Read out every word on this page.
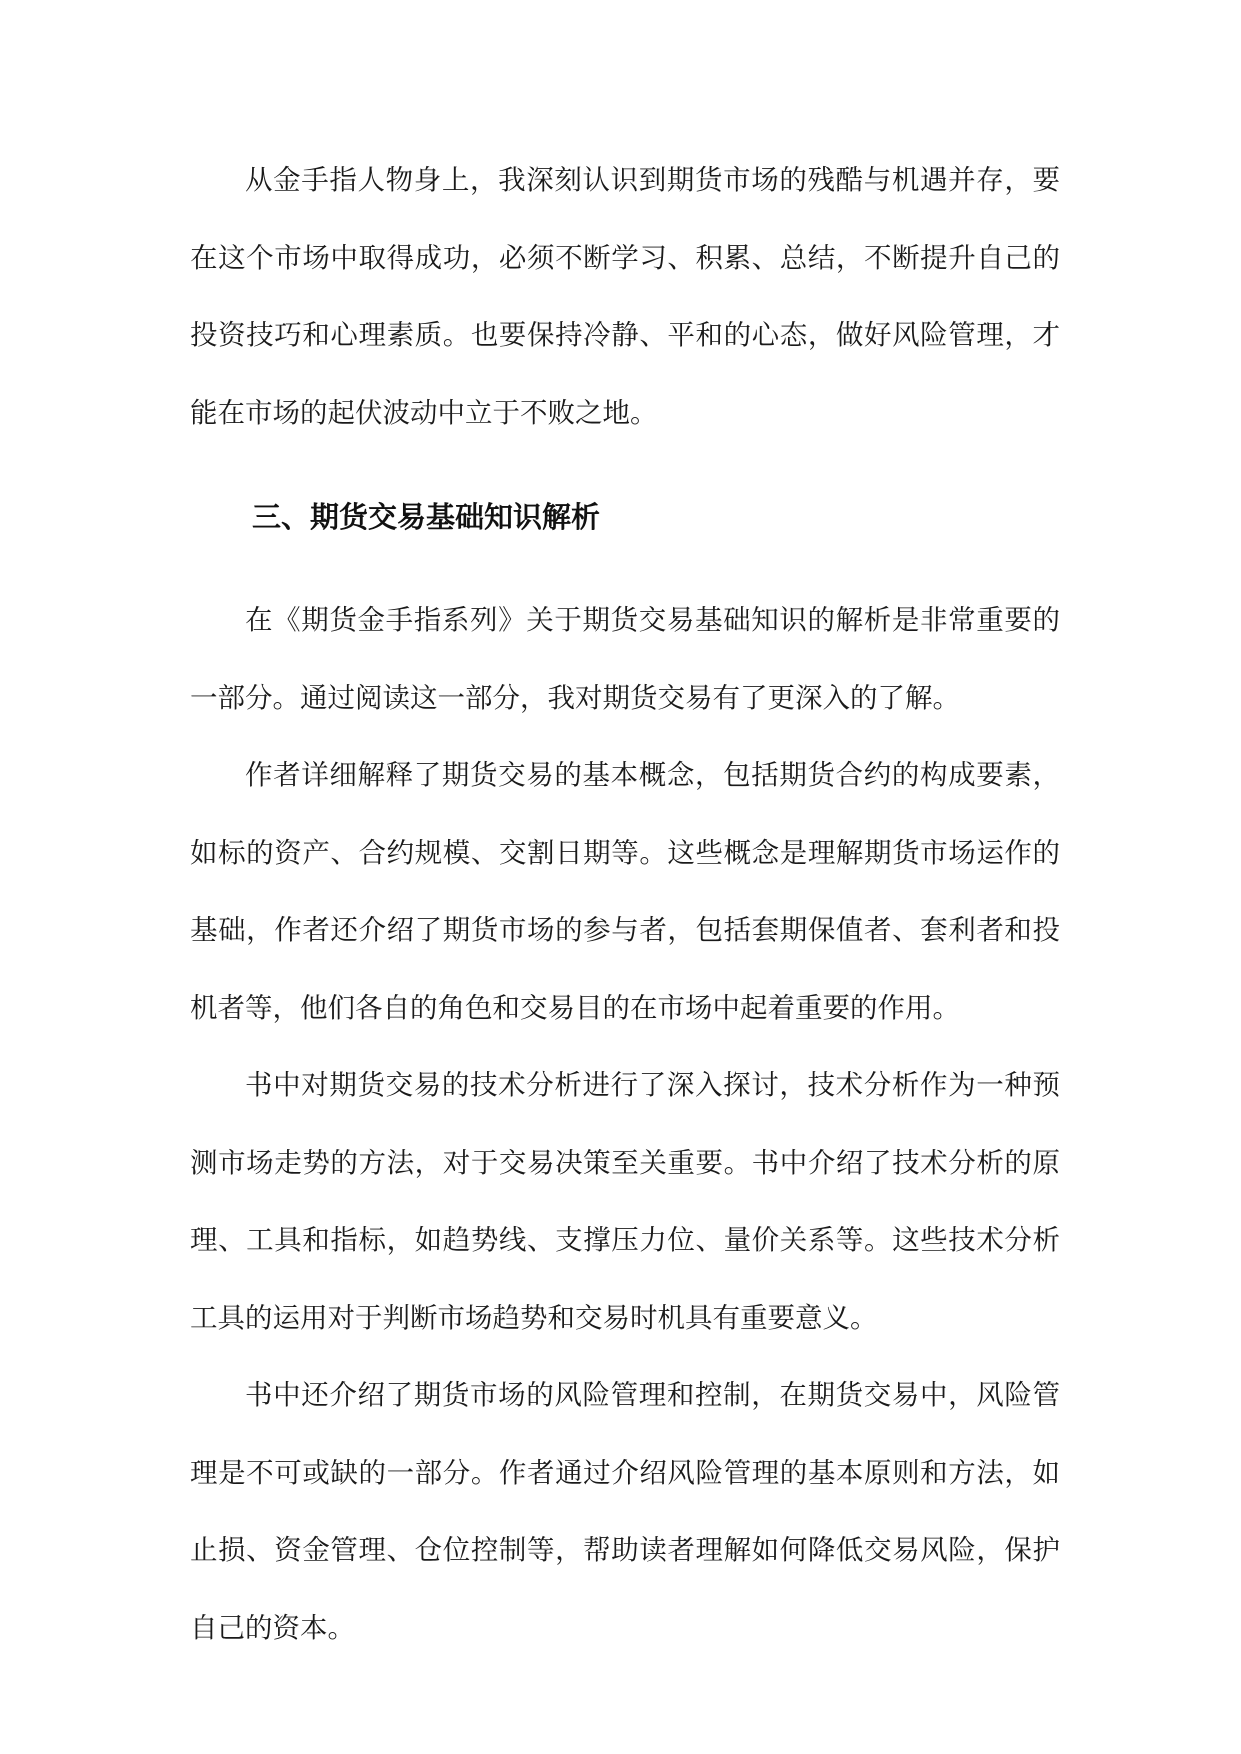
从金手指人物身上，我深刻认识到期货市场的残酷与机遇并存，要在这个市场中取得成功，必须不断学习、积累、总结，不断提升自己的投资技巧和心理素质。也要保持冷静、平和的心态，做好风险管理，才能在市场的起伏波动中立于不败之地。

三、期货交易基础知识解析

在《期货金手指系列》关于期货交易基础知识的解析是非常重要的一部分。通过阅读这一部分，我对期货交易有了更深入的了解。

作者详细解释了期货交易的基本概念，包括期货合约的构成要素，如标的资产、合约规模、交割日期等。这些概念是理解期货市场运作的基础，作者还介绍了期货市场的参与者，包括套期保值者、套利者和投机者等，他们各自的角色和交易目的在市场中起着重要的作用。

书中对期货交易的技术分析进行了深入探讨，技术分析作为一种预测市场走势的方法，对于交易决策至关重要。书中介绍了技术分析的原理、工具和指标，如趋势线、支撑压力位、量价关系等。这些技术分析工具的运用对于判断市场趋势和交易时机具有重要意义。

书中还介绍了期货市场的风险管理和控制，在期货交易中，风险管理是不可或缺的一部分。作者通过介绍风险管理的基本原则和方法，如止损、资金管理、仓位控制等，帮助读者理解如何降低交易风险，保护自己的资本。
